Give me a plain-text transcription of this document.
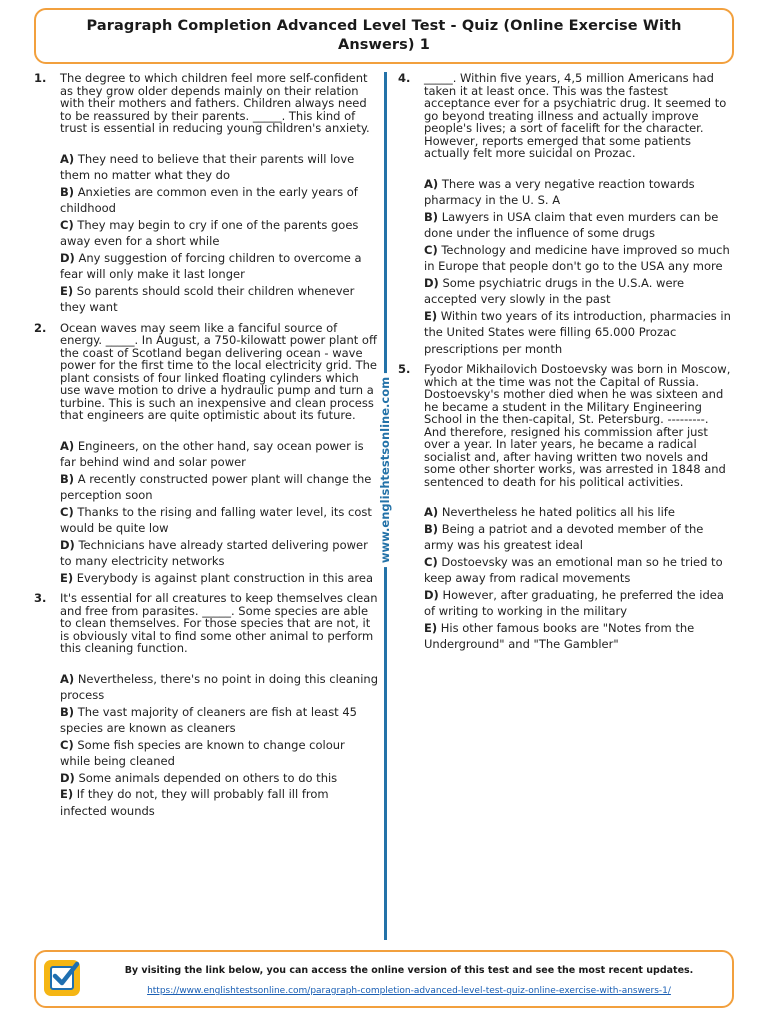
Paragraph Completion Advanced Level Test - Quiz (Online Exercise With Answers) 1
www.englishtestsonline.com
1.	The degree to which children feel more self-confident as they grow older depends mainly on their relation with their mothers and fathers. Children always need to be reassured by their parents. _____. This kind of trust is essential in reducing young children's anxiety.
A) They need to believe that their parents will love them no matter what they do
B) Anxieties are common even in the early years of childhood
C) They may begin to cry if one of the parents goes away even for a short while
D) Any suggestion of forcing children to overcome a fear will only make it last longer
E) So parents should scold their children whenever they want
2.	Ocean waves may seem like a fanciful source of energy. _____. In August, a 750-kilowatt power plant off the coast of Scotland began delivering ocean - wave power for the first time to the local electricity grid. The plant consists of four linked floating cylinders which use wave motion to drive a hydraulic pump and turn a turbine. This is such an inexpensive and clean process that engineers are quite optimistic about its future.
A) Engineers, on the other hand, say ocean power is far behind wind and solar power
B) A recently constructed power plant will change the perception soon
C) Thanks to the rising and falling water level, its cost would be quite low
D) Technicians have already started delivering power to many electricity networks
E) Everybody is against plant construction in this area
3.	It's essential for all creatures to keep themselves clean and free from parasites. _____. Some species are able to clean themselves. For those species that are not, it is obviously vital to find some other animal to perform this cleaning function.
A) Nevertheless, there's no point in doing this cleaning process
B) The vast majority of cleaners are fish at least 45 species are known as cleaners
C) Some fish species are known to change colour while being cleaned
D) Some animals depended on others to do this
E) If they do not, they will probably fall ill from infected wounds
4.	_____. Within five years, 4,5 million Americans had taken it at least once. This was the fastest acceptance ever for a psychiatric drug. It seemed to go beyond treating illness and actually improve people's lives; a sort of facelift for the character. However, reports emerged that some patients actually felt more suicidal on Prozac.
A) There was a very negative reaction towards pharmacy in the U. S. A
B) Lawyers in USA claim that even murders can be done under the influence of some drugs
C) Technology and medicine have improved so much in Europe that people don't go to the USA any more
D) Some psychiatric drugs in the U.S.A. were accepted very slowly in the past
E) Within two years of its introduction, pharmacies in the United States were filling 65.000 Prozac prescriptions per month
5.	Fyodor Mikhailovich Dostoevsky was born in Moscow, which at the time was not the Capital of Russia. Dostoevsky's mother died when he was sixteen and he became a student in the Military Engineering School in the then-capital, St. Petersburg. ---------. And therefore, resigned his commission after just over a year. In later years, he became a radical socialist and, after having written two novels and some other shorter works, was arrested in 1848 and sentenced to death for his political activities.
A) Nevertheless he hated politics all his life
B) Being a patriot and a devoted member of the army was his greatest ideal
C) Dostoevsky was an emotional man so he tried to keep away from radical movements
D) However, after graduating, he preferred the idea of writing to working in the military
E) His other famous books are "Notes from the Underground" and "The Gambler"
By visiting the link below, you can access the online version of this test and see the most recent updates.
https://www.englishtestsonline.com/paragraph-completion-advanced-level-test-quiz-online-exercise-with-answers-1/
